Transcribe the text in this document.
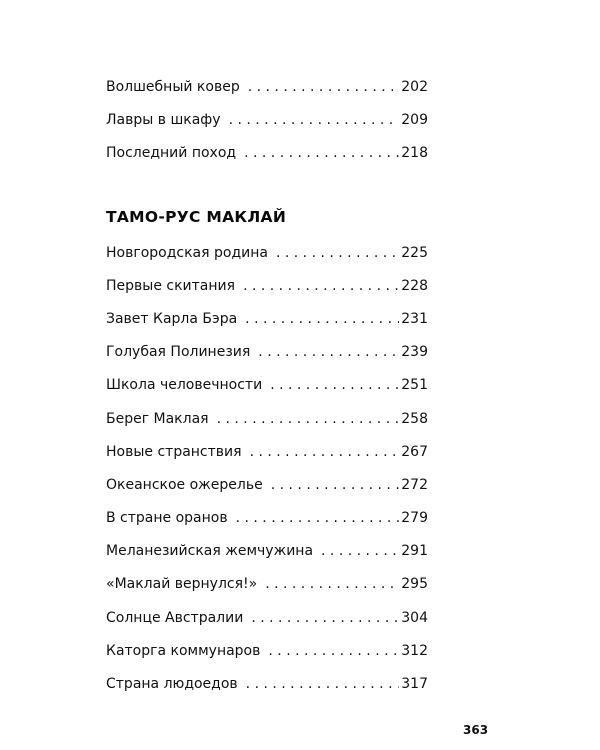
Волшебный ковер . . .	202
Лавры в шкафу . . .	209
Последний поход . . .	218
ТАМО-РУС МАКЛАЙ
Новгородская родина . . .	225
Первые скитания . . .	228
Завет Карла Бэра . . .	231
Голубая Полинезия . . .	239
Школа человечности . . .	251
Берег Маклая . . .	258
Новые странствия . . .	267
Океанское ожерелье . . .	272
В стране оранов . . .	279
Меланезийская жемчужина . . .	291
«Маклай вернулся!» . . .	295
Солнце Австралии . . .	304
Каторга коммунаров . . .	312
Страна людоедов . . .	317
363
